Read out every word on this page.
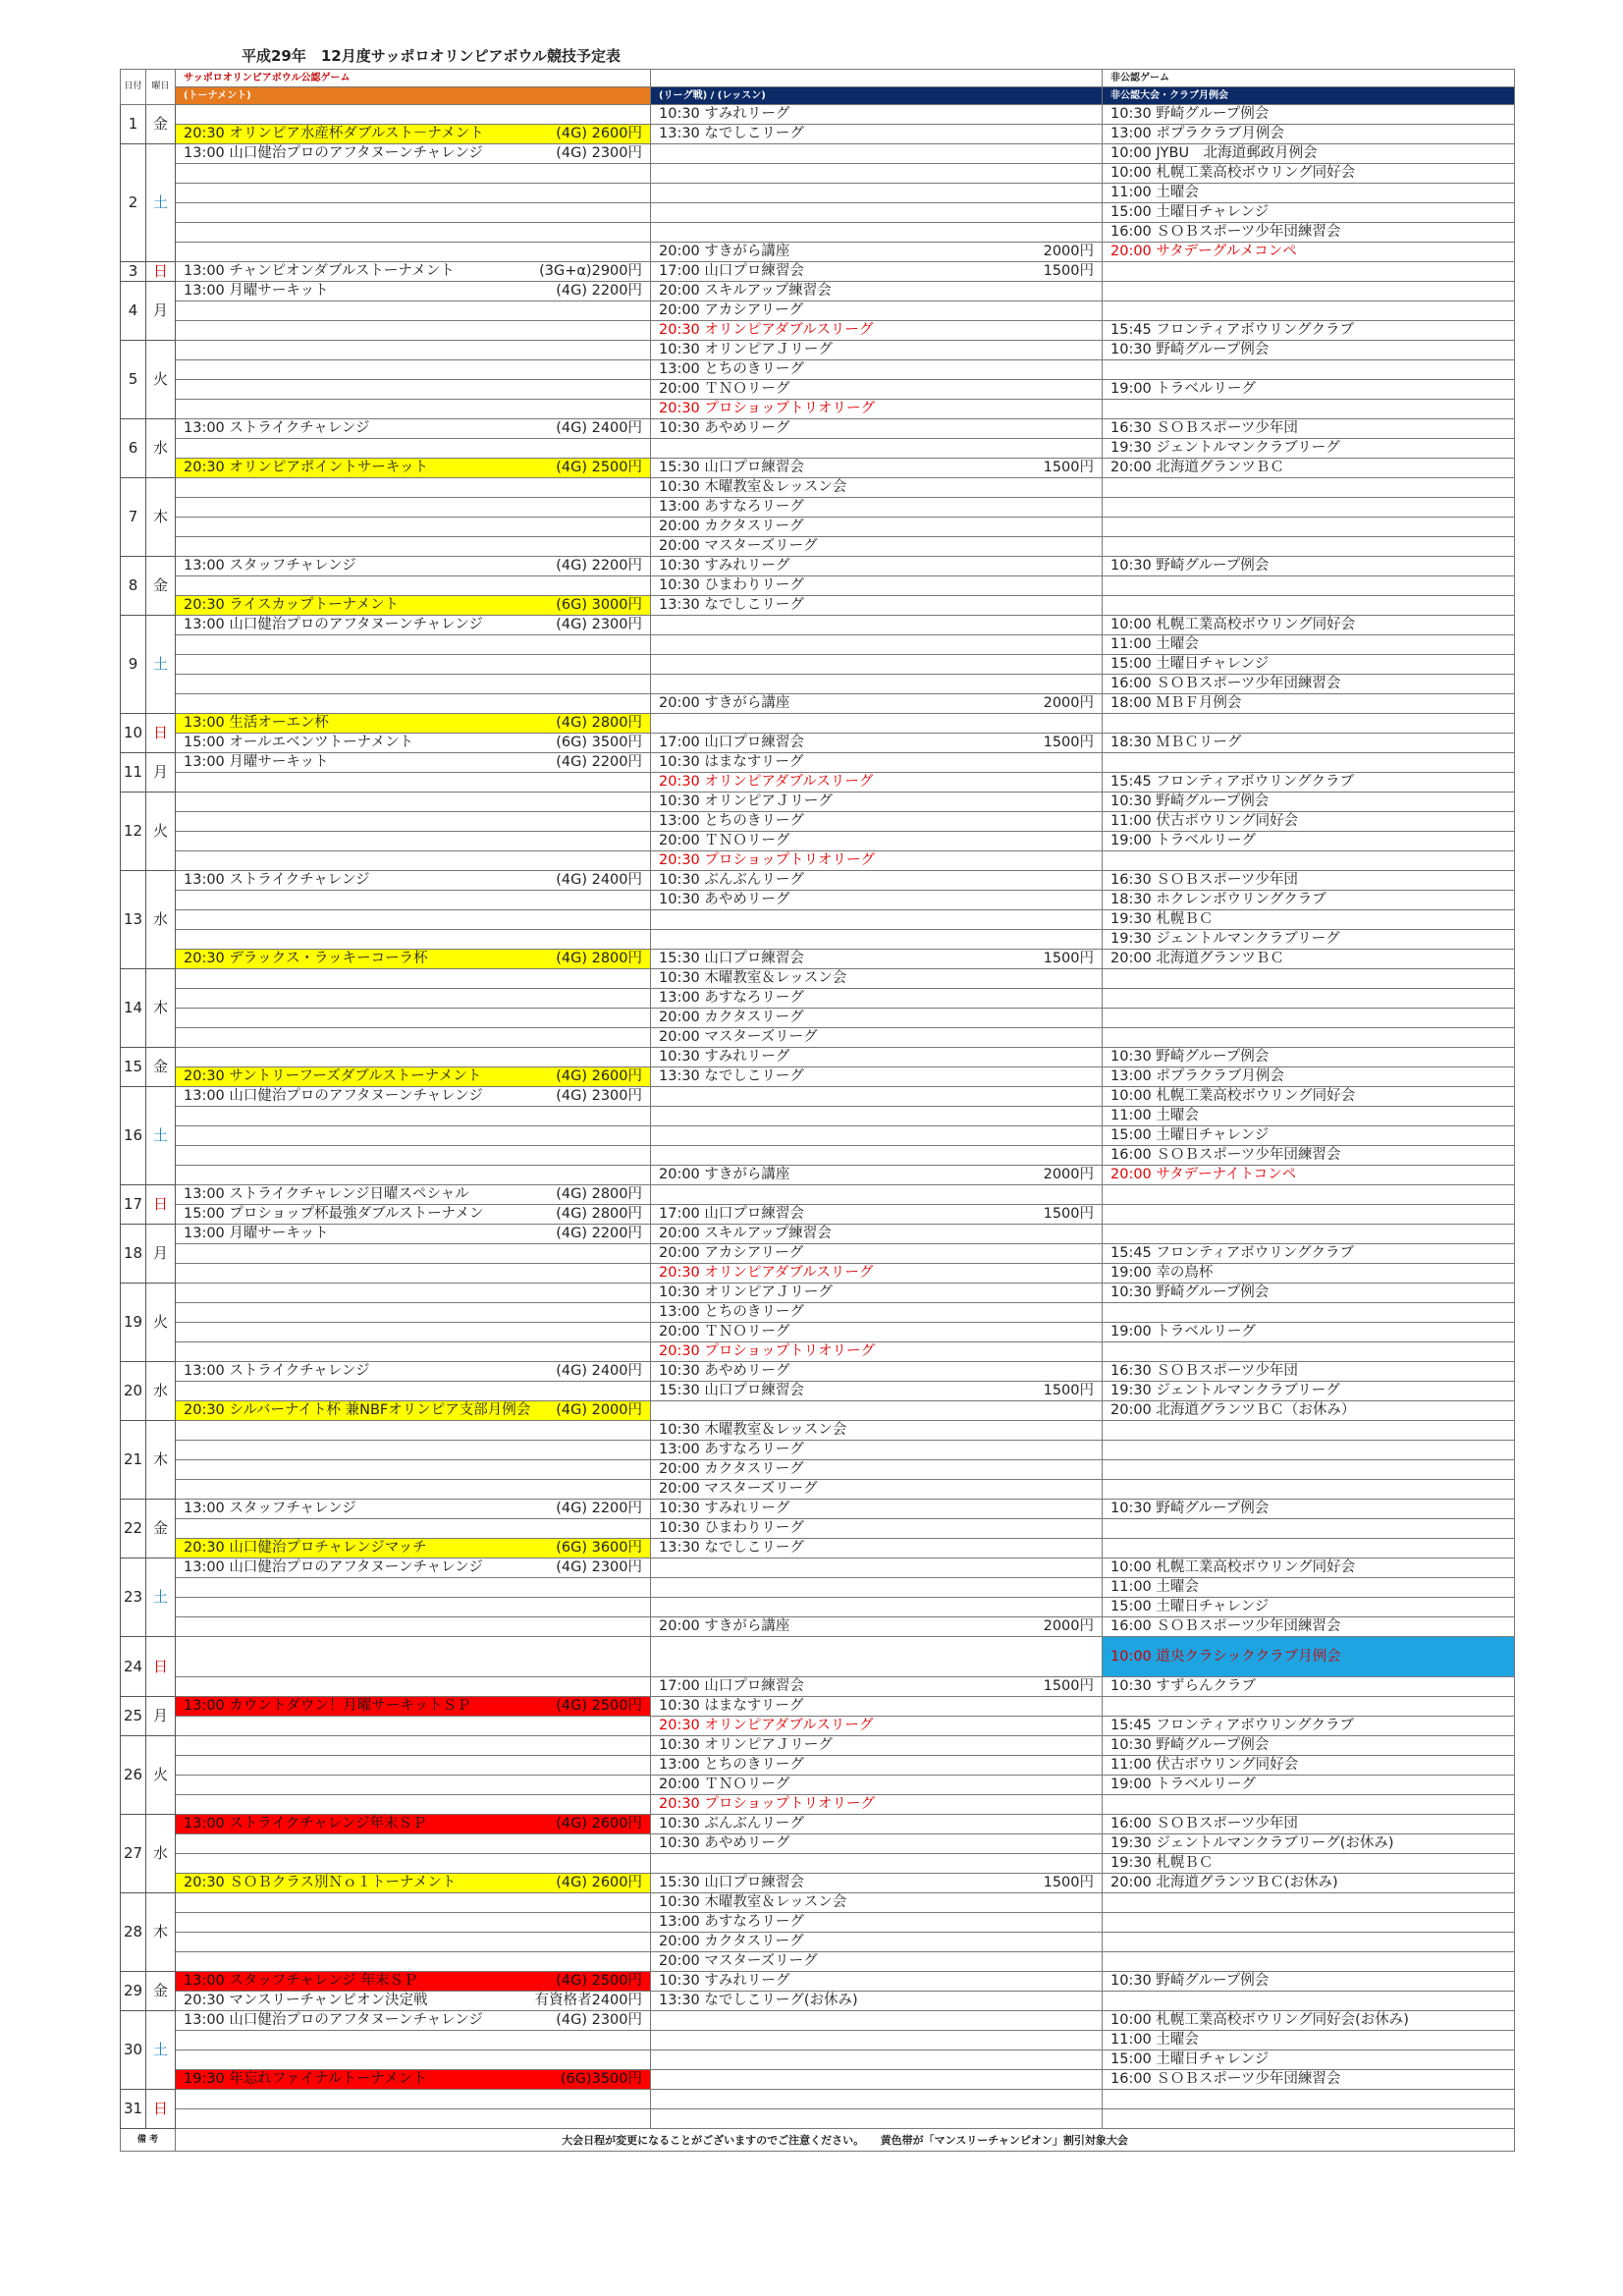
平成29年　12月度サッポロオリンピアボウル競技予定表
日付	曜日	サッポロオリンピアボウル公認ゲーム		非公認ゲーム
		(トーナメント)	(リーグ戦) / (レッスン)	非公認大会・クラブ月例会
1	金		10:30 すみれリーグ	10:30 野崎グループ例会
		20:30 オリンピア水産杯ダブルスト－ナメント (4G) 2600円	13:30 なでしこリーグ	13:00 ポプラクラブ月例会
2	土	13:00 山口健治プロのアフタヌーンチャレンジ (4G) 2300円		10:00 JYBU　北海道郵政月例会

			10:00 札幌工業高校ボウリング同好会

			11:00 土曜会

			15:00 土曜日チャレンジ

			16:00 ＳＯＢスポーツ少年団練習会

			20:00 すきがら講座 2000円	20:00 サタデーグルメコンペ
3	日	13:00 チャンピオンダブルストーナメント (3G+α)2900円	17:00 山口プロ練習会 1500円	

4	月	13:00 月曜サーキット (4G) 2200円	20:00 スキルアップ練習会

			20:00 アカシアリーグ

			20:30 オリンピアダブルスリーグ	15:45 フロンティアボウリングクラブ
5	火		10:30 オリンピアＪリーグ	10:30 野崎グループ例会

			13:00 とちのきリーグ

			20:00 ＴＮＯリーグ	19:00 トラベルリーグ

			20:30 プロショップトリオリーグ

6	水	13:00 ストライクチャレンジ (4G) 2400円	10:30 あやめリーグ	16:30 ＳＯＢスポーツ少年団

			19:30 ジェントルマンクラブリーグ
		20:30 オリンピアポイントサーキット (4G) 2500円	15:30 山口プロ練習会 1500円	20:00 北海道グランツＢＣ
7	木		10:30 木曜教室＆レッスン会

			13:00 あすなろリーグ

			20:00 カクタスリーグ

			20:00 マスターズリーグ

8	金	13:00 スタッフチャレンジ (4G) 2200円	10:30 すみれリーグ	10:30 野崎グループ例会

			10:30 ひまわりリーグ

		20:30 ライスカップトーナメント (6G) 3000円	13:30 なでしこリーグ

9	土	13:00 山口健治プロのアフタヌーンチャレンジ (4G) 2300円		10:00 札幌工業高校ボウリング同好会

			11:00 土曜会

			15:00 土曜日チャレンジ

			16:00 ＳＯＢスポーツ少年団練習会

			20:00 すきがら講座 2000円	18:00 ＭＢＦ月例会
10	日	13:00 生活オーエン杯 (4G) 2800円		

		15:00 オールエベンツトーナメント (6G) 3500円	17:00 山口プロ練習会 1500円	18:30 ＭＢＣリーグ
11	月	13:00 月曜サーキット (4G) 2200円	10:30 はまなすリーグ

			20:30 オリンピアダブルスリーグ	15:45 フロンティアボウリングクラブ
12	火		10:30 オリンピアＪリーグ	10:30 野崎グループ例会

			13:00 とちのきリーグ	11:00 伏古ボウリング同好会

			20:00 ＴＮＯリーグ	19:00 トラベルリーグ

			20:30 プロショップトリオリーグ

13	水	13:00 ストライクチャレンジ (4G) 2400円	10:30 ぶんぶんリーグ	16:30 ＳＯＢスポーツ少年団

			10:30 あやめリーグ	18:30 ホクレンボウリングクラブ

			19:30 札幌ＢＣ

			19:30 ジェントルマンクラブリーグ
		20:30 デラックス・ラッキーコーラ杯 (4G) 2800円	15:30 山口プロ練習会 1500円	20:00 北海道グランツＢＣ
14	木		10:30 木曜教室＆レッスン会

			13:00 あすなろリーグ

			20:00 カクタスリーグ

			20:00 マスターズリーグ

15	金		10:30 すみれリーグ	10:30 野崎グループ例会
		20:30 サントリーフーズダブルストーナメント (4G) 2600円	13:30 なでしこリーグ	13:00 ポプラクラブ月例会
16	土	13:00 山口健治プロのアフタヌーンチャレンジ (4G) 2300円		10:00 札幌工業高校ボウリング同好会

			11:00 土曜会

			15:00 土曜日チャレンジ

			16:00 ＳＯＢスポーツ少年団練習会

			20:00 すきがら講座 2000円	20:00 サタデーナイトコンペ
17	日	13:00 ストライクチャレンジ日曜スペシャル (4G) 2800円		

		15:00 プロショップ杯最強ダブルストーナメン (4G) 2800円	17:00 山口プロ練習会 1500円	

18	月	13:00 月曜サーキット (4G) 2200円	20:00 スキルアップ練習会

			20:00 アカシアリーグ	15:45 フロンティアボウリングクラブ

			20:30 オリンピアダブルスリーグ	19:00 幸の鳥杯
19	火		10:30 オリンピアＪリーグ	10:30 野崎グループ例会

			13:00 とちのきリーグ

			20:00 ＴＮＯリーグ	19:00 トラベルリーグ

			20:30 プロショップトリオリーグ

20	水	13:00 ストライクチャレンジ (4G) 2400円	10:30 あやめリーグ	16:30 ＳＯＢスポーツ少年団

			15:30 山口プロ練習会 1500円	19:30 ジェントルマンクラブリーグ
		20:30 シルバーナイト杯 兼NBFオリンピア支部月例会 (4G) 2000円		20:00 北海道グランツＢＣ（お休み）
21	木		10:30 木曜教室＆レッスン会

			13:00 あすなろリーグ

			20:00 カクタスリーグ

			20:00 マスターズリーグ

22	金	13:00 スタッフチャレンジ (4G) 2200円	10:30 すみれリーグ	10:30 野崎グループ例会

			10:30 ひまわりリーグ

		20:30 山口健治プロチャレンジマッチ (6G) 3600円	13:30 なでしこリーグ

23	土	13:00 山口健治プロのアフタヌーンチャレンジ (4G) 2300円		10:00 札幌工業高校ボウリング同好会

			11:00 土曜会

			15:00 土曜日チャレンジ

			20:00 すきがら講座 2000円	16:00 ＳＯＢスポーツ少年団練習会
24	日			10:00 道央クラシッククラブ月例会

			17:00 山口プロ練習会 1500円	10:30 すずらんクラブ
25	月	13:00 カウントダウン！月曜サーキットＳＰ (4G) 2500円	10:30 はまなすリーグ

			20:30 オリンピアダブルスリーグ	15:45 フロンティアボウリングクラブ
26	火		10:30 オリンピアＪリーグ	10:30 野崎グループ例会

			13:00 とちのきリーグ	11:00 伏古ボウリング同好会

			20:00 ＴＮＯリーグ	19:00 トラベルリーグ

			20:30 プロショップトリオリーグ

27	水	13:00 ストライクチャレンジ年末ＳＰ (4G) 2600円	10:30 ぶんぶんリーグ	16:00 ＳＯＢスポーツ少年団

			10:30 あやめリーグ	19:30 ジェントルマンクラブリーグ(お休み)

			19:30 札幌ＢＣ
		20:30 ＳＯＢクラス別Ｎｏ１トーナメント (4G) 2600円	15:30 山口プロ練習会 1500円	20:00 北海道グランツＢＣ(お休み)
28	木		10:30 木曜教室＆レッスン会

			13:00 あすなろリーグ

			20:00 カクタスリーグ

			20:00 マスターズリーグ

29	金	13:00 スタッフチャレンジ 年末ＳＰ (4G) 2500円	10:30 すみれリーグ	10:30 野崎グループ例会
		20:30 マンスリーチャンピオン決定戦 有資格者2400円	13:30 なでしこリーグ(お休み)

30	土	13:00 山口健治プロのアフタヌーンチャレンジ (4G) 2300円		10:00 札幌工業高校ボウリング同好会(お休み)

			11:00 土曜会

			15:00 土曜日チャレンジ
		19:30 年忘れファイナルトーナメント (6G)3500円		16:00 ＳＯＢスポーツ少年団練習会
31	日	

備 考		大会日程が変更になることがございますのでご注意ください。　　黄色帯が「マンスリーチャンピオン」割引対象大会		
